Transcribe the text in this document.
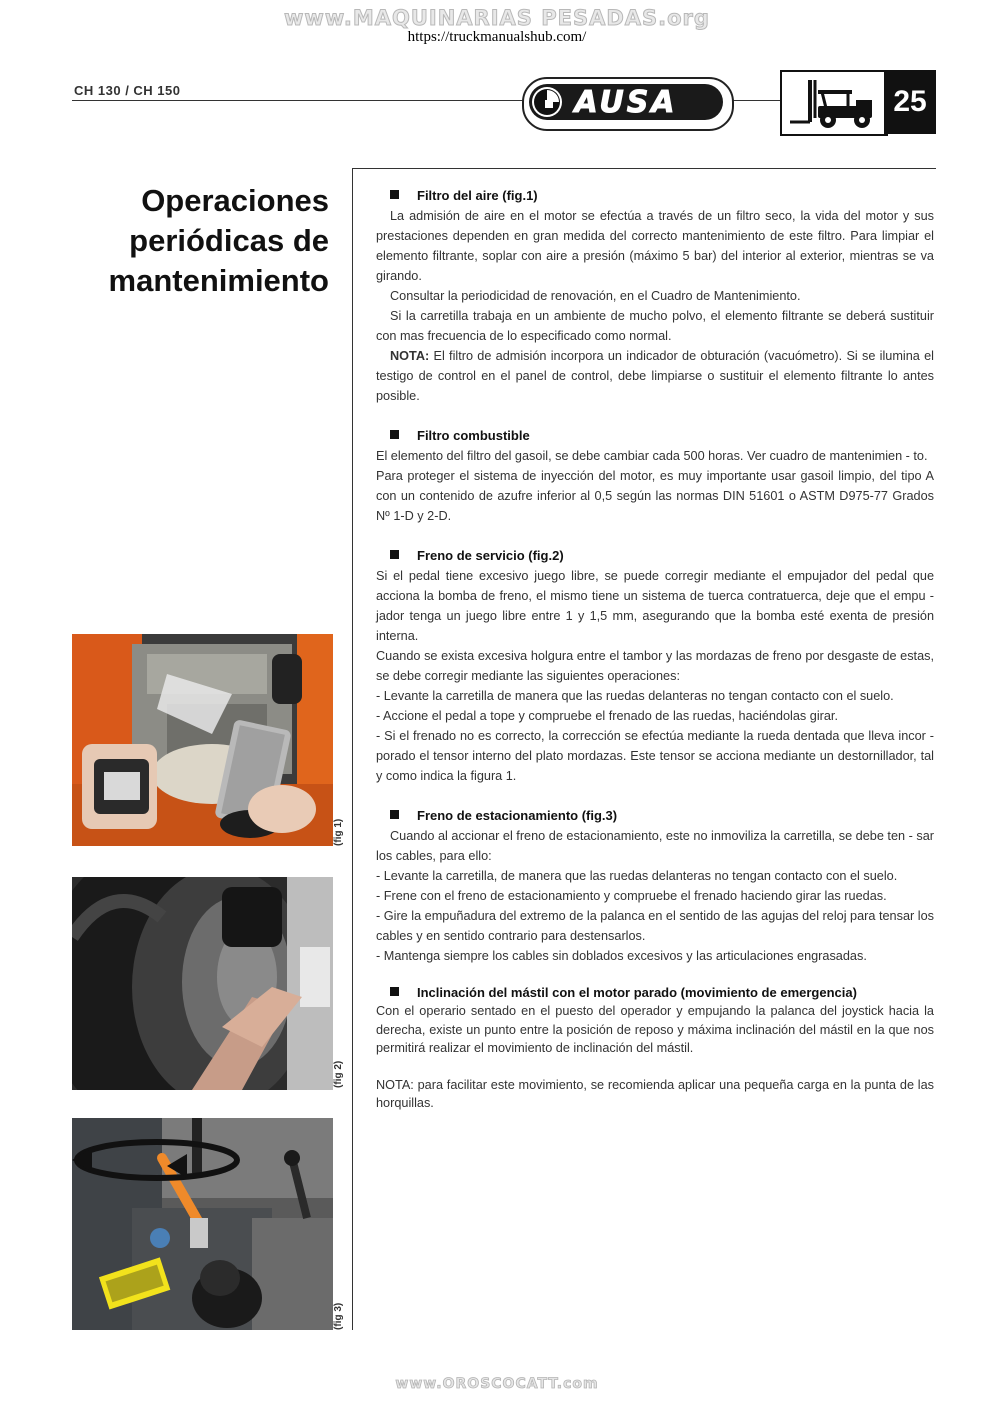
www.MAQUINARIAS PESADAS.org
https://truckmanualshub.com/
CH 130 / CH 150	AUSA	25
Operaciones
periódicas de
mantenimiento
Filtro del aire (fig.1)

La admisión de aire en el motor se efectúa a través de un filtro seco, la vida del motor y sus prestaciones dependen en gran medida del correcto mantenimiento de este filtro. Para limpiar el elemento filtrante, soplar con aire a presión (máximo 5 bar) del interior al exterior, mientras se va girando.

Consultar la periodicidad de renovación, en el Cuadro de Mantenimiento.

Si la carretilla trabaja en un ambiente de mucho polvo, el elemento filtrante se deberá sustituir con mas frecuencia de lo especificado como normal.

NOTA: El filtro de admisión incorpora un indicador de obturación (vacuómetro). Si se ilumina el testigo de control en el panel de control, debe limpiarse o sustituir el elemento filtrante lo antes posible.

Filtro combustible

El elemento del filtro del gasoil, se debe cambiar cada 500 horas. Ver cuadro de mantenimien - to.

Para proteger el sistema de inyección del motor, es muy importante usar gasoil limpio, del tipo A con un contenido de azufre inferior al 0,5 según las normas DIN 51601 o ASTM D975-77 Grados Nº 1-D y 2-D.

Freno de servicio (fig.2)

Si el pedal tiene excesivo juego libre, se puede corregir mediante el empujador del pedal que acciona la bomba de freno, el mismo tiene un sistema de tuerca contratuerca, deje que el empu - jador tenga un juego libre entre 1 y 1,5 mm, asegurando que la bomba esté exenta de presión interna.

Cuando se exista excesiva holgura entre el tambor y las mordazas de freno por desgaste de estas, se debe corregir mediante las siguientes operaciones:

- Levante la carretilla de manera que las ruedas delanteras no tengan contacto con el suelo.

- Accione el pedal a tope y compruebe el frenado de las ruedas, haciéndolas girar.

- Si el frenado no es correcto, la corrección se efectúa mediante la rueda dentada que lleva incor - porado el tensor interno del plato mordazas. Este tensor se acciona mediante un destornillador, tal y como indica la figura 1.

Freno de estacionamiento (fig.3)

Cuando al accionar el freno de estacionamiento, este no inmoviliza la carretilla, se debe ten - sar los cables, para ello:

- Levante la carretilla, de manera que las ruedas delanteras no tengan contacto con el suelo.

- Frene con el freno de estacionamiento y compruebe el frenado haciendo girar las ruedas.

- Gire la empuñadura del extremo de la palanca en el sentido de las agujas del reloj para tensar los cables y en sentido contrario para destensarlos.

- Mantenga siempre los cables sin doblados excesivos y las articulaciones engrasadas.

Inclinación del mástil con el motor parado (movimiento de emergencia)

Con el operario sentado en el puesto del operador y empujando la palanca del joystick hacia la derecha, existe un punto entre la posición de reposo y máxima inclinación del mástil en la que nos permitirá realizar el movimiento de inclinación del mástil.

NOTA: para facilitar este movimiento, se recomienda aplicar una pequeña carga en la punta de las horquillas.

(fig 1)
(fig 2)
(fig 3)
www.OROSCOCATT.com
